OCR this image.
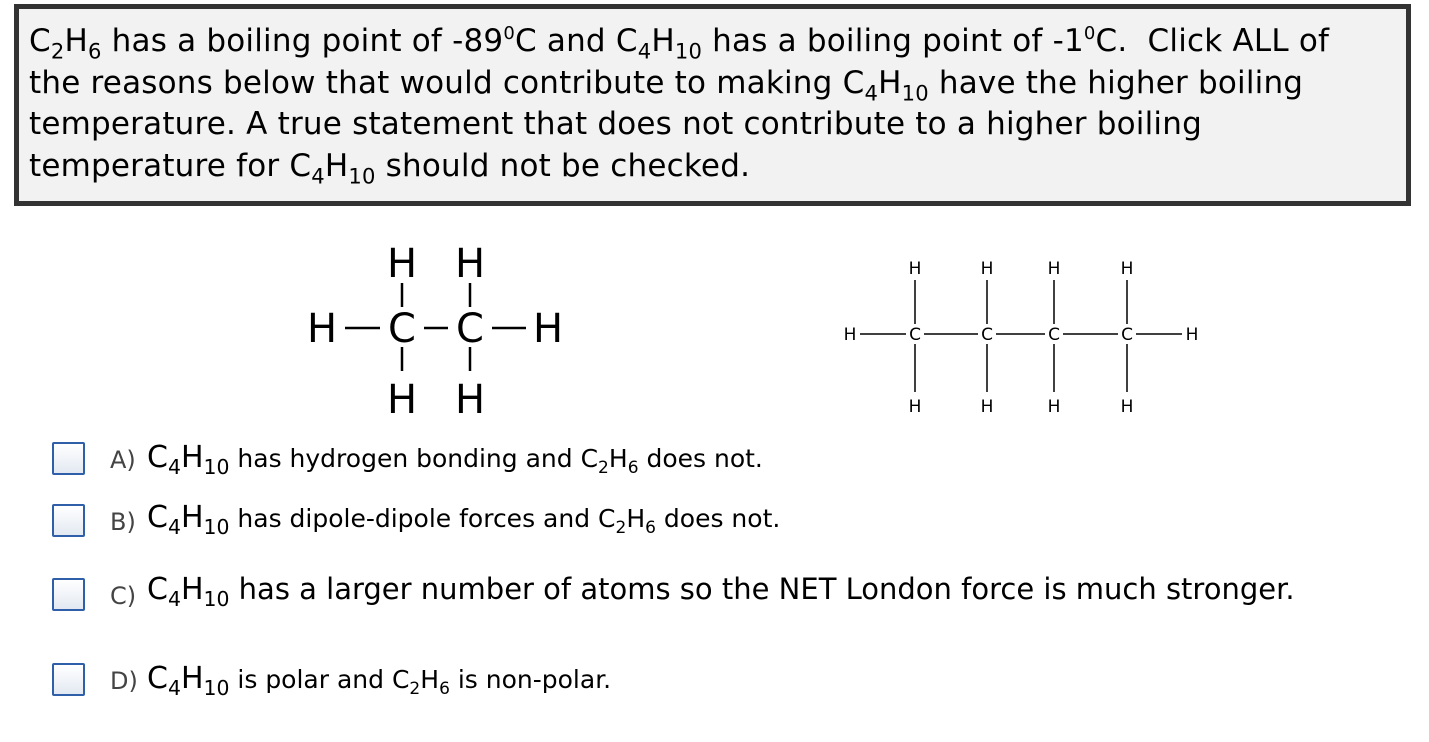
$C_2H_6$ has a boiling point of $-89^0C$ and $C_4H_{10}$ has a boiling point of $-1^0C$.  Click ALL of
the reasons below that would contribute to making $C_4H_{10}$ have the higher boiling
temperature. A true statement that does not contribute to a higher boiling
temperature for $C_4H_{10}$ should not be checked.
H H
H C C H
H H
H	H	H	H
H	C	C	C	C	H
H	H	H	H
A) $C_4H_{10}$ has hydrogen bonding and $C_2H_6$ does not.
B) $C_4H_{10}$ has dipole-dipole forces and $C_2H_6$ does not.
C) $C_4H_{10}$ has a larger number of atoms so the NET London force is much stronger.
D) $C_4H_{10}$ is polar and $C_2H_6$ is non-polar.
